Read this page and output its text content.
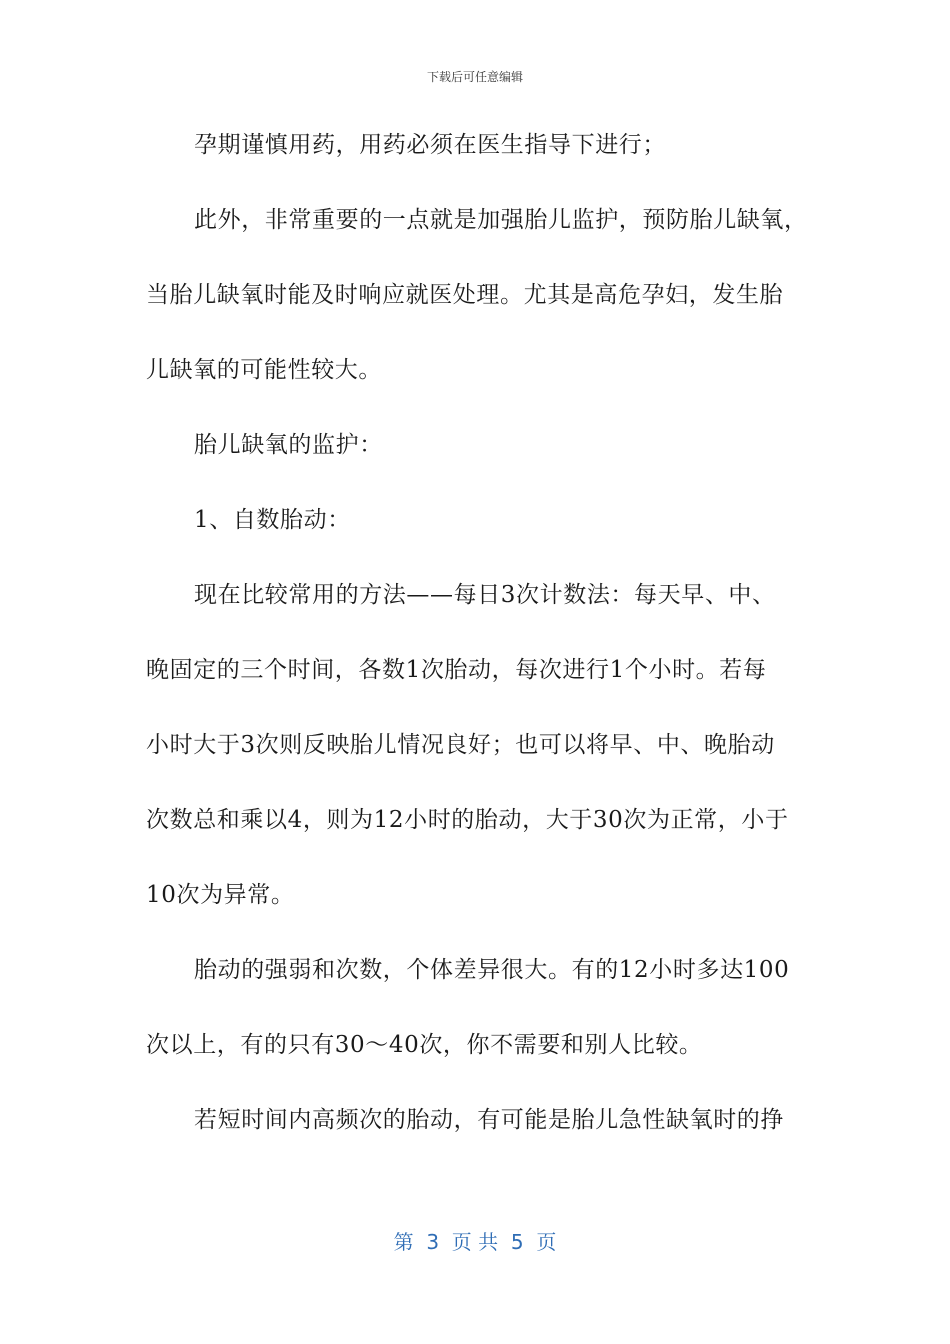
下载后可任意编辑
孕期谨慎用药，用药必须在医生指导下进行；
此外，非常重要的一点就是加强胎儿监护，预防胎儿缺氧，
当胎儿缺氧时能及时响应就医处理。尤其是高危孕妇，发生胎
儿缺氧的可能性较大。
胎儿缺氧的监护：
1、自数胎动：
现在比较常用的方法——每日3次计数法：每天早、中、
晚固定的三个时间，各数1次胎动，每次进行1个小时。若每
小时大于3次则反映胎儿情况良好；也可以将早、中、晚胎动
次数总和乘以4，则为12小时的胎动，大于30次为正常，小于
10次为异常。
胎动的强弱和次数，个体差异很大。有的12小时多达100
次以上，有的只有30～40次，你不需要和别人比较。
若短时间内高频次的胎动，有可能是胎儿急性缺氧时的挣
第  3  页 共  5  页
